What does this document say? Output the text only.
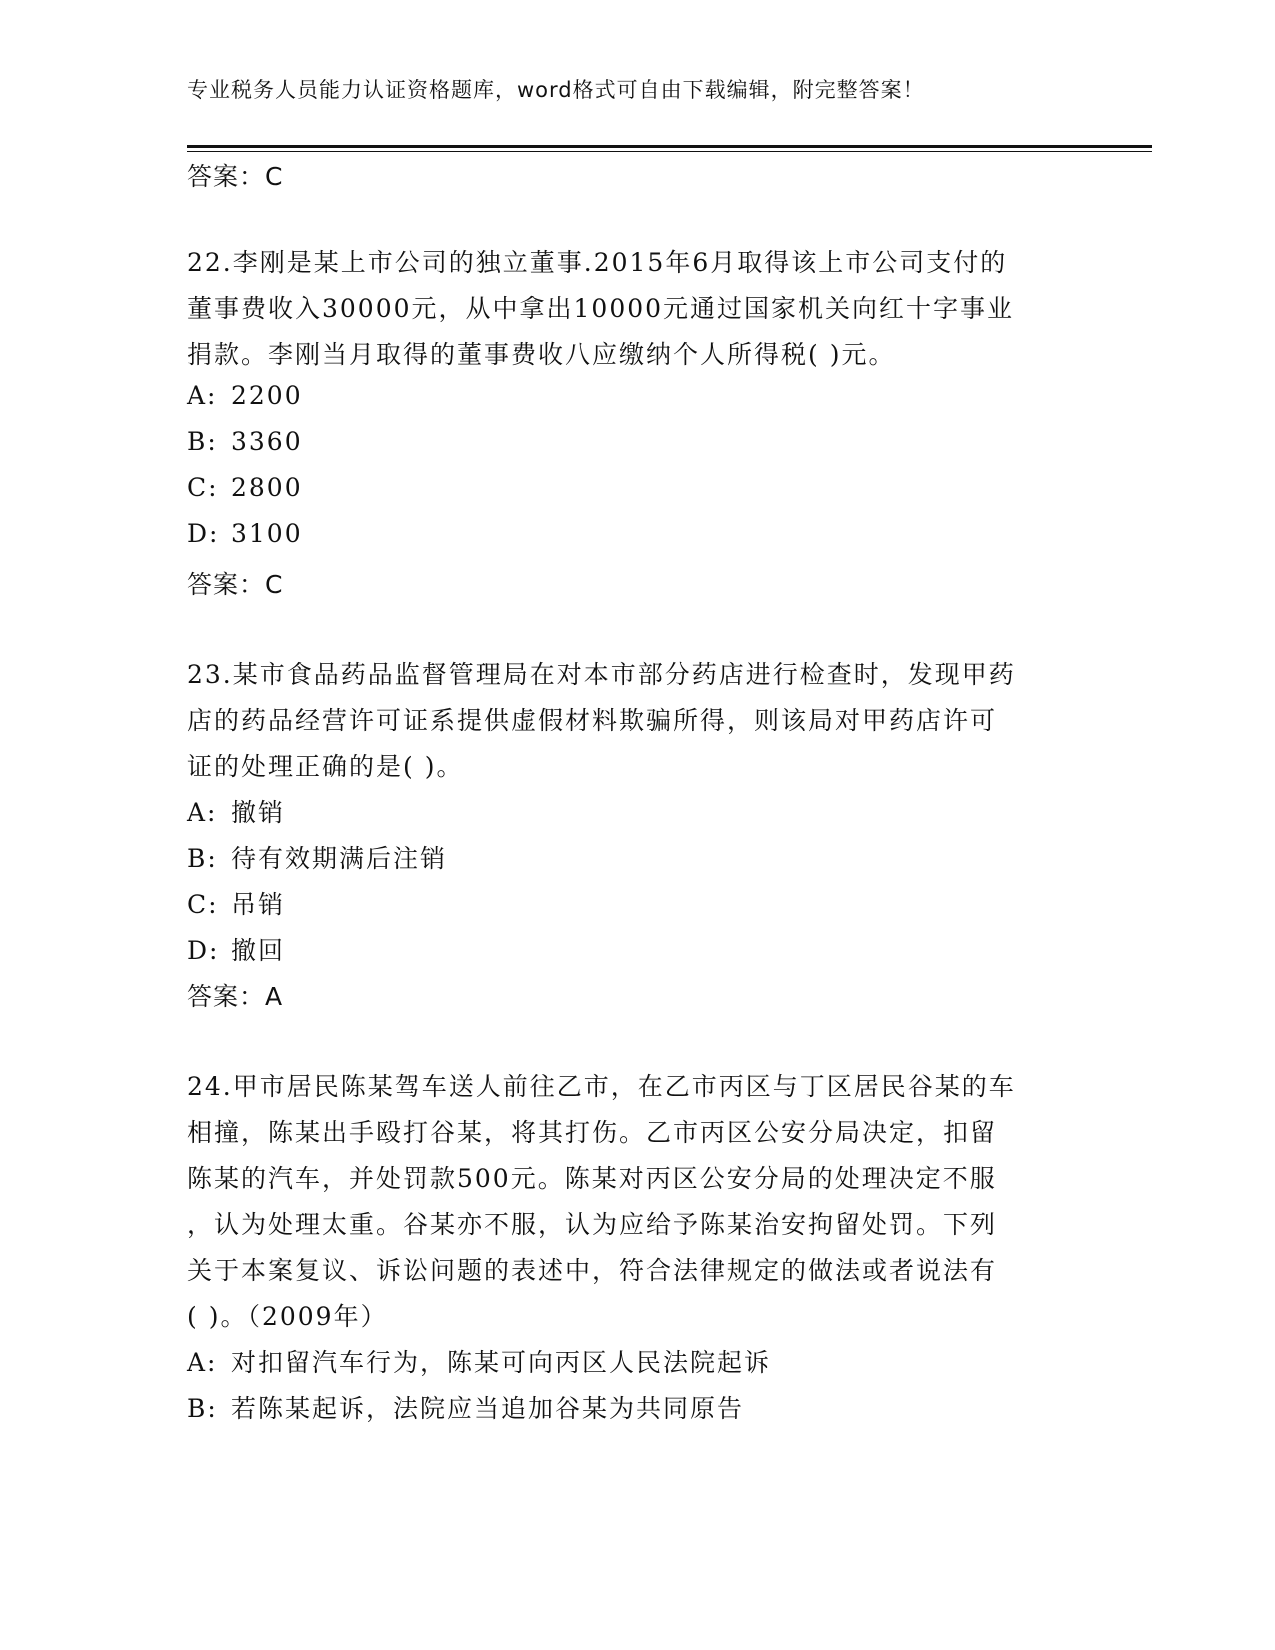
专业税务人员能力认证资格题库，word格式可自由下载编辑，附完整答案！
答案：C
22.李刚是某上市公司的独立董事.2015年6月取得该上市公司支付的
董事费收入30000元，从中拿出10000元通过国家机关向红十字事业
捐款。李刚当月取得的董事费收八应缴纳个人所得税( )元。
A: 2200
B: 3360
C: 2800
D: 3100
答案：C
23.某市食品药品监督管理局在对本市部分药店进行检查时，发现甲药
店的药品经营许可证系提供虚假材料欺骗所得，则该局对甲药店许可
证的处理正确的是( )。
A: 撤销
B: 待有效期满后注销
C: 吊销
D: 撤回
答案：A
24.甲市居民陈某驾车送人前往乙市，在乙市丙区与丁区居民谷某的车
相撞，陈某出手殴打谷某，将其打伤。乙市丙区公安分局决定，扣留
陈某的汽车，并处罚款500元。陈某对丙区公安分局的处理决定不服
，认为处理太重。谷某亦不服，认为应给予陈某治安拘留处罚。下列
关于本案复议、诉讼问题的表述中，符合法律规定的做法或者说法有
( )。（2009年）
A: 对扣留汽车行为，陈某可向丙区人民法院起诉
B: 若陈某起诉，法院应当追加谷某为共同原告
